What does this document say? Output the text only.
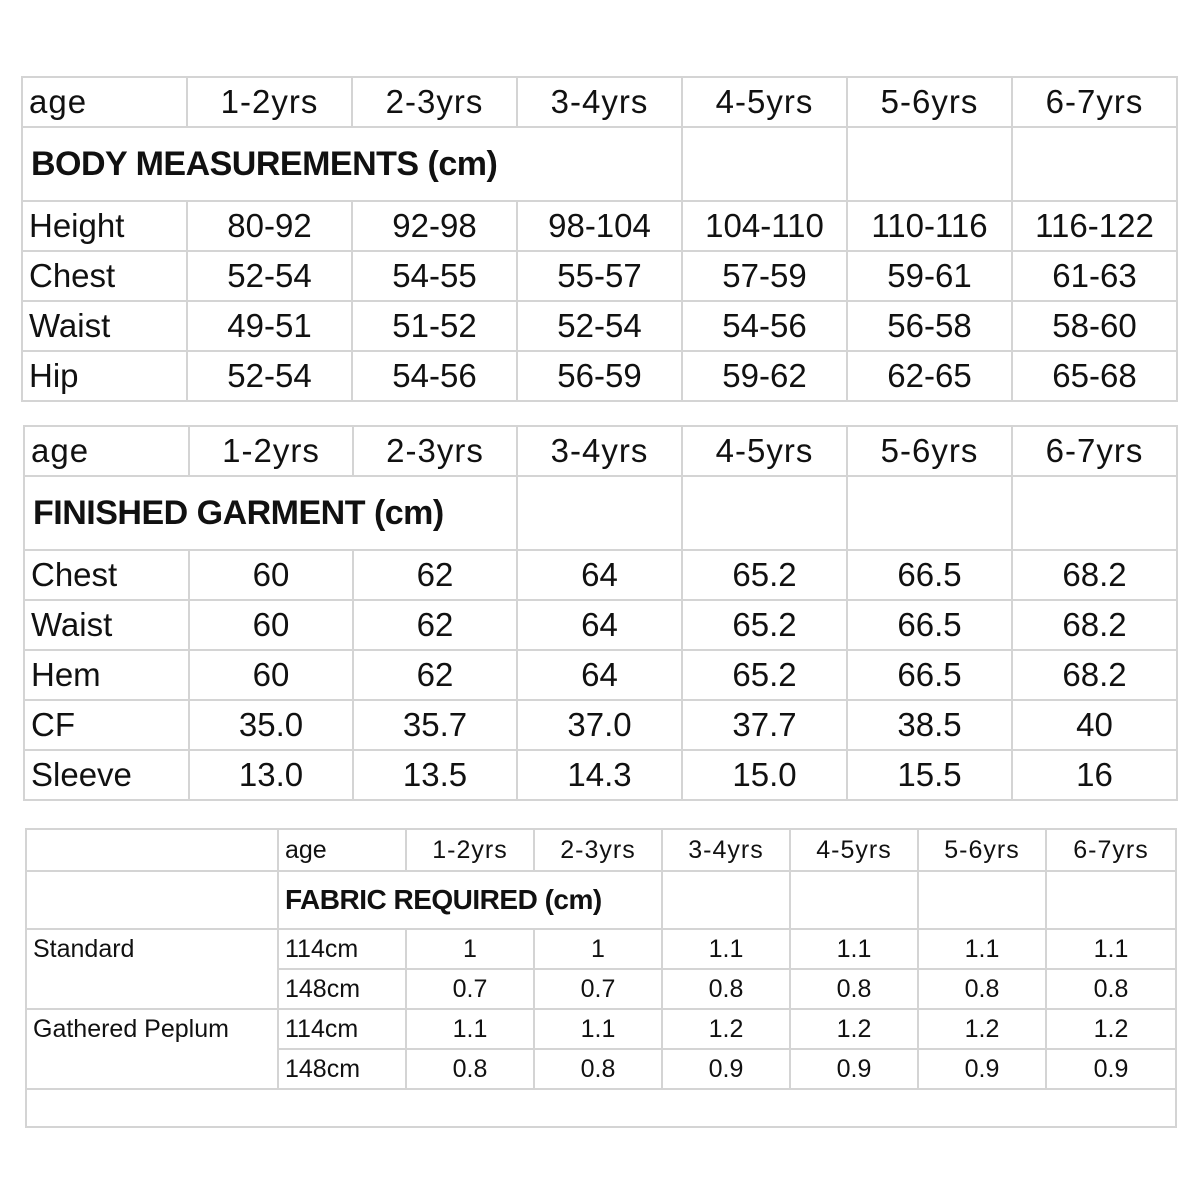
age	1-2yrs	2-3yrs	3-4yrs	4-5yrs	5-6yrs	6-7yrs
BODY MEASUREMENTS (cm)						
Height	80-92	92-98	98-104	104-110	110-116	116-122
Chest	52-54	54-55	55-57	57-59	59-61	61-63
Waist	49-51	51-52	52-54	54-56	56-58	58-60
Hip	52-54	54-56	56-59	59-62	62-65	65-68
age	1-2yrs	2-3yrs	3-4yrs	4-5yrs	5-6yrs	6-7yrs
FINISHED GARMENT (cm)						
Chest	60	62	64	65.2	66.5	68.2
Waist	60	62	64	65.2	66.5	68.2
Hem	60	62	64	65.2	66.5	68.2
CF	35.0	35.7	37.0	37.7	38.5	40
Sleeve	13.0	13.5	14.3	15.0	15.5	16
	age	1-2yrs	2-3yrs	3-4yrs	4-5yrs	5-6yrs	6-7yrs
	FABRIC REQUIRED (cm)						
Standard	114cm	1	1	1.1	1.1	1.1	1.1
	148cm	0.7	0.7	0.8	0.8	0.8	0.8
Gathered Peplum	114cm	1.1	1.1	1.2	1.2	1.2	1.2
	148cm	0.8	0.8	0.9	0.9	0.9	0.9
